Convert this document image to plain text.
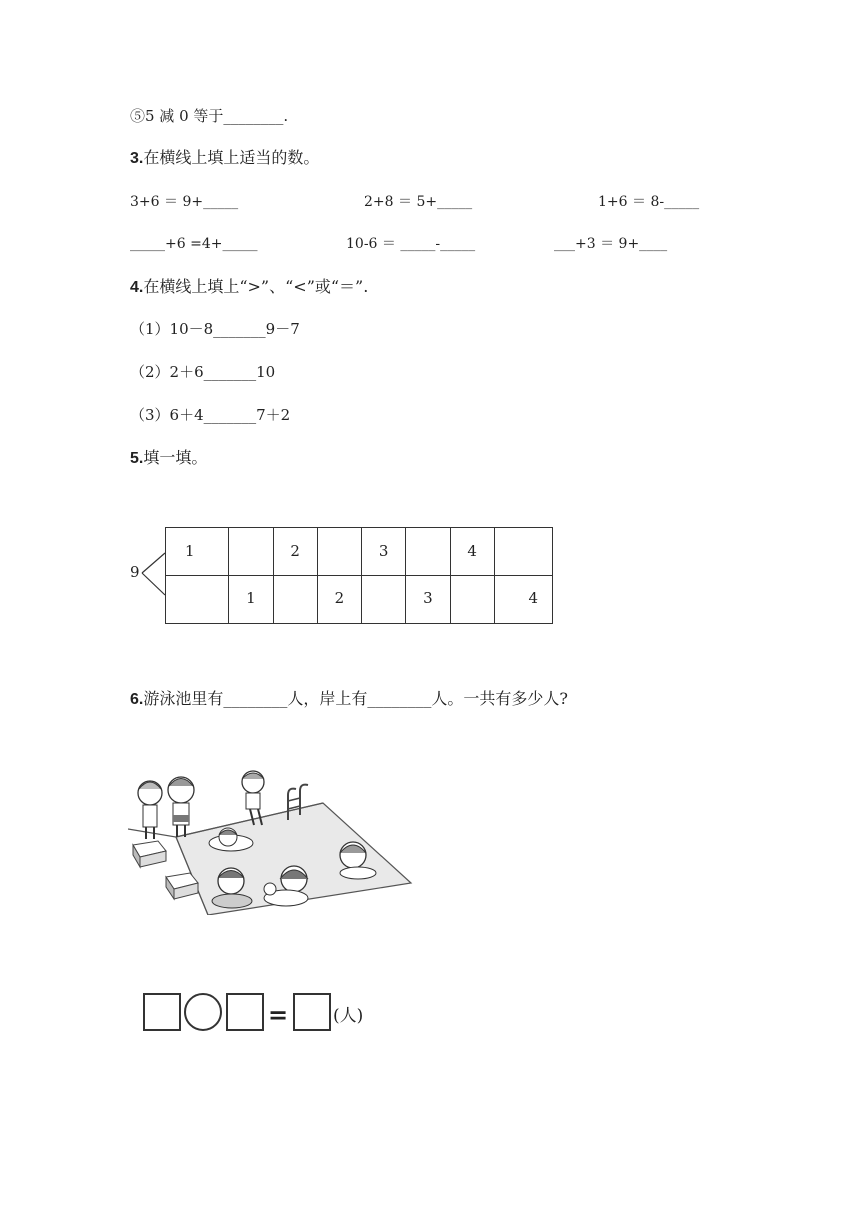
⑤5 减 0 等于________.
3.在横线上填上适当的数。
3+6 ＝ 9+_____	2+8 ＝ 5+_____	1+6 ＝ 8-_____
_____+6 =4+_____	10-6 ＝ _____-_____	___+3 ＝ 9+____
4.在横线上填上“>”、“<”或“＝”.
（1）10－8_______9－7
（2）2＋6_______10
（3）6＋4_______7＋2
5.填一填。
9
1		2		3		4	
	1		2		3		4
6.游泳池里有________人，岸上有________人。一共有多少人?
=	(人)
